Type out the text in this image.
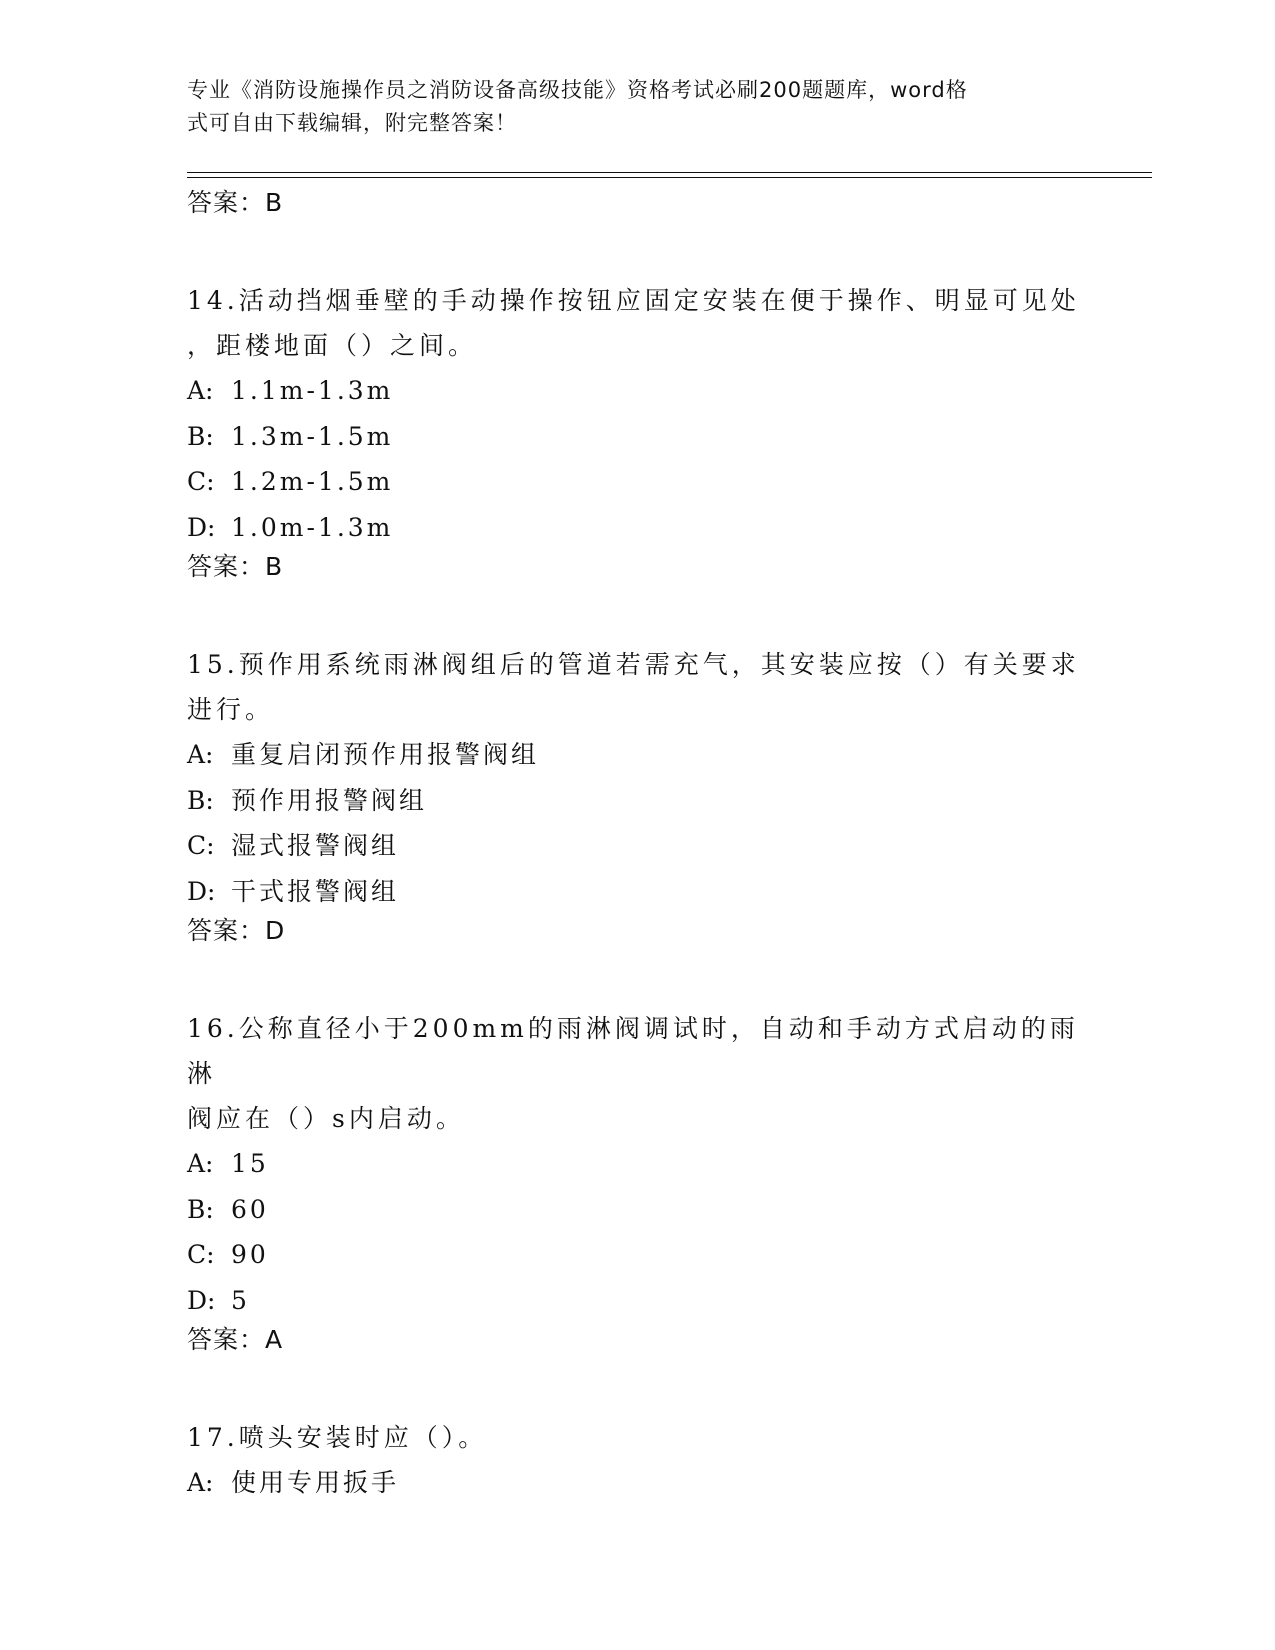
专业《消防设施操作员之消防设备高级技能》资格考试必刷200题题库，word格
式可自由下载编辑，附完整答案！
答案：B

14.活动挡烟垂壁的手动操作按钮应固定安装在便于操作、明显可见处
，距楼地面（）之间。

A: 1.1m-1.3m
B: 1.3m-1.5m
C: 1.2m-1.5m
D: 1.0m-1.3m
答案：B

15.预作用系统雨淋阀组后的管道若需充气，其安装应按（）有关要求
进行。

A: 重复启闭预作用报警阀组
B: 预作用报警阀组
C: 湿式报警阀组
D: 干式报警阀组
答案：D

16.公称直径小于200mm的雨淋阀调试时，自动和手动方式启动的雨淋
阀应在（）s内启动。

A: 15
B: 60
C: 90
D: 5
答案：A

17.喷头安装时应（）。

A: 使用专用扳手
